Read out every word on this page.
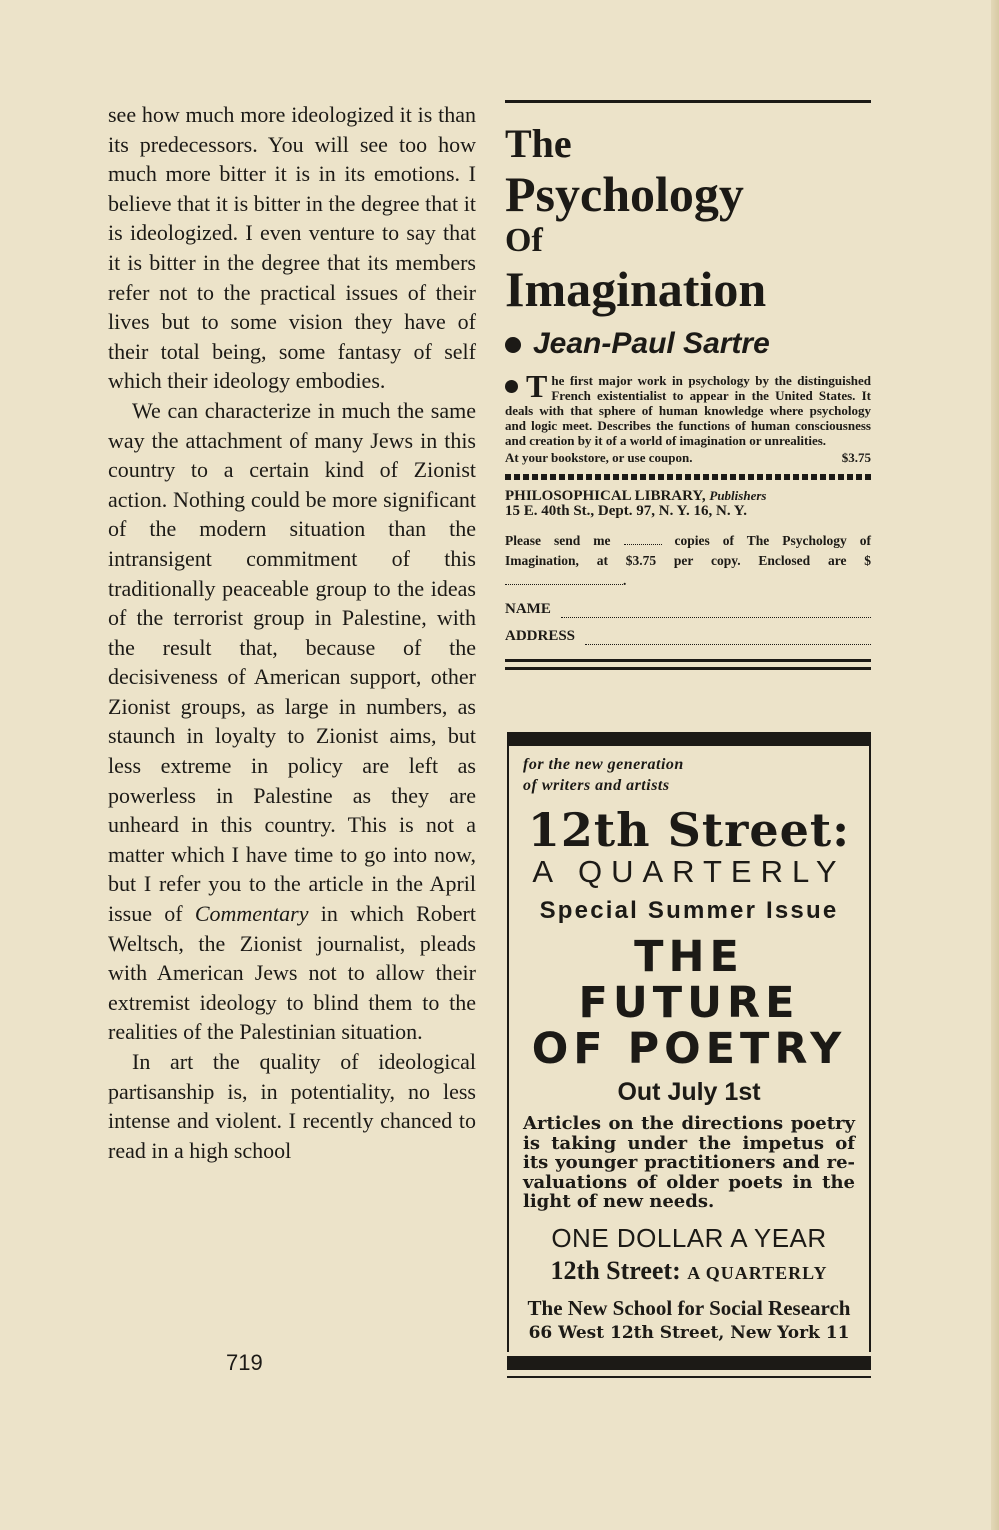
see how much more ideologized it is than its predecessors. You will see too how much more bitter it is in its emotions. I believe that it is bitter in the degree that it is ideologized. I even venture to say that it is bitter in the degree that its members refer not to the practical issues of their lives but to some vision they have of their total being, some fantasy of self which their ideology embodies.

We can characterize in much the same way the attachment of many Jews in this country to a certain kind of Zionist action. Nothing could be more significant of the modern situation than the intransigent commitment of this traditionally peaceable group to the ideas of the terrorist group in Palestine, with the result that, because of the decisiveness of American support, other Zionist groups, as large in numbers, as staunch in loyalty to Zionist aims, but less extreme in policy are left as powerless in Palestine as they are unheard in this country. This is not a matter which I have time to go into now, but I refer you to the article in the April issue of Commentary in which Robert Weltsch, the Zionist journalist, pleads with American Jews not to allow their extremist ideology to blind them to the realities of the Palestinian situation.

In art the quality of ideological partisanship is, in potentiality, no less intense and violent. I recently chanced to read in a high school

719
The
Psychology
Of
Imagination
Jean-Paul Sartre
T he first major work in psychology by the distinguished French existentialist to appear in the United States. It deals with that sphere of human knowledge where psychology and logic meet. Describes the functions of human consciousness and creation by it of a world of imagination or unrealities.
At your bookstore, or use coupon.	$3.75
PHILOSOPHICAL LIBRARY, Publishers
15 E. 40th St., Dept. 97, N. Y. 16, N. Y.
Please send me	copies of The Psychology of Imagination, at $3.75 per copy. Enclosed are $.
NAME
ADDRESS
for the new generation
of writers and artists
12th Street:
A QUARTERLY
Special Summer Issue
THE FUTURE
OF POETRY
Out July 1st
Articles on the directions poetry is taking under the impetus of its younger practitioners and re-valuations of older poets in the light of new needs.
ONE DOLLAR A YEAR
12th Street: A QUARTERLY
The New School for Social Research
66 West 12th Street, New York 11
